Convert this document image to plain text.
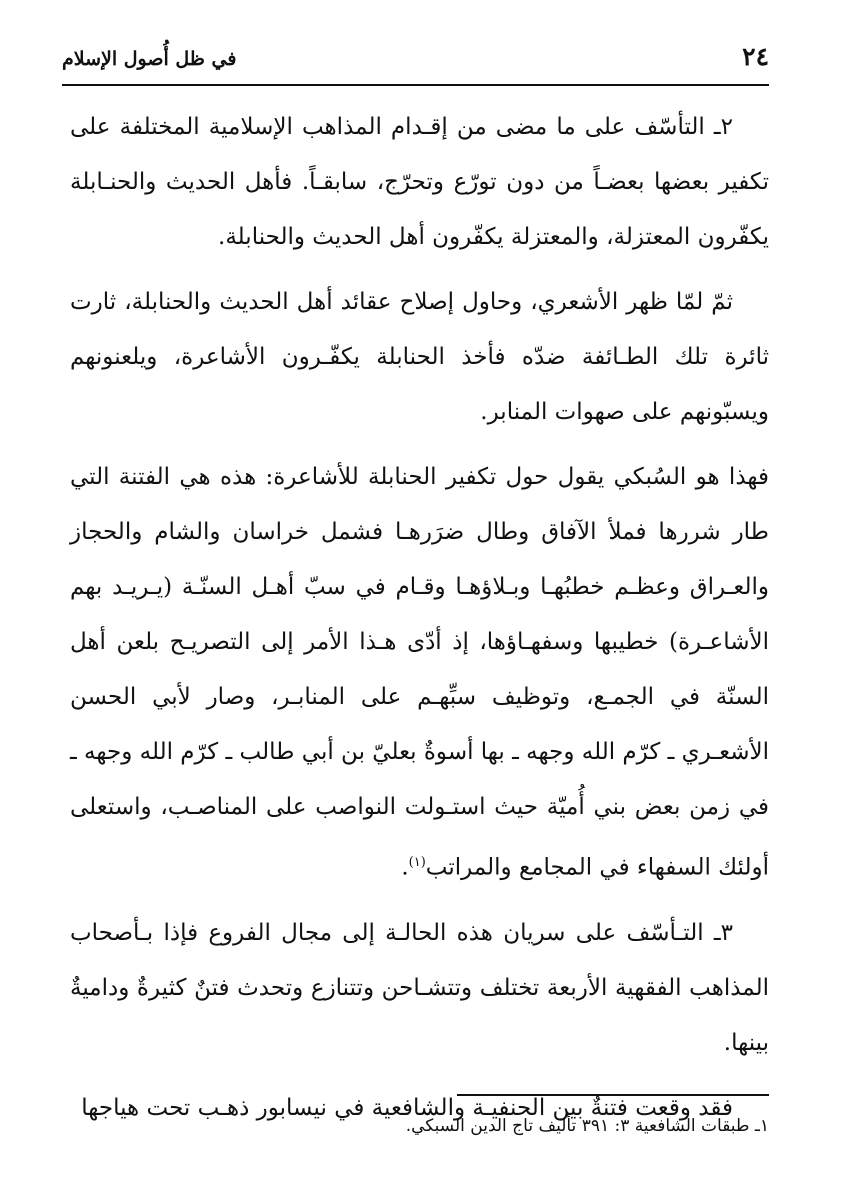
٢٤
في ظل أُصول الإسلام

٢ـ التأسّف على ما مضى من إقـدام المذاهب الإسلامية المختلفة على تكفير بعضها بعضـاً من دون تورّع وتحرّج، سابقـاً. فأهل الحديث والحنـابلة يكفّرون المعتزلة، والمعتزلة يكفّرون أهل الحديث والحنابلة.

ثمّ لمّا ظهر الأشعري، وحاول إصلاح عقائد أهل الحديث والحنابلة، ثارت ثائرة تلك الطـائفة ضدّه فأخذ الحنابلة يكفّـرون الأشاعرة، ويلعنونهم ويسبّونهم على صهوات المنابر.

فهذا هو السُبكي يقول حول تكفير الحنابلة للأشاعرة: هذه هي الفتنة التي طار شررها فملأ الآفاق وطال ضرَرهـا فشمل خراسان والشام والحجاز والعـراق وعظـم خطبُهـا وبـلاؤهـا وقـام في سبّ أهـل السنّـة (يـريـد بهم الأشاعـرة) خطيبها وسفهـاؤها، إذ أدّى هـذا الأمر إلى التصريـح بلعن أهل السنّة في الجمـع، وتوظيف سبِّهـم على المنابـر، وصار لأبي الحسن الأشعـري ـ كرّم الله وجهه ـ بها أسوةٌ بعليّ بن أبي طالب ـ كرّم الله وجهه ـ في زمن بعض بني أُميّة حيث استـولت النواصب على المناصـب، واستعلى أولئك السفهاء في المجامع والمراتب$^{(١)}$.

٣ـ التـأسّف على سريان هذه الحالـة إلى مجال الفروع فإذا بـأصحاب المذاهب الفقهية الأربعة تختلف وتتشـاحن وتتنازع وتحدث فتنٌ كثيرةٌ وداميةٌ بينها.

فقد وقعت فتنةٌ بين الحنفيـة والشافعية في نيسابور ذهـب تحت هياجها

١ـ طبقات الشافعية ٣: ٣٩١ تأليف تاج الدين السبكي.
